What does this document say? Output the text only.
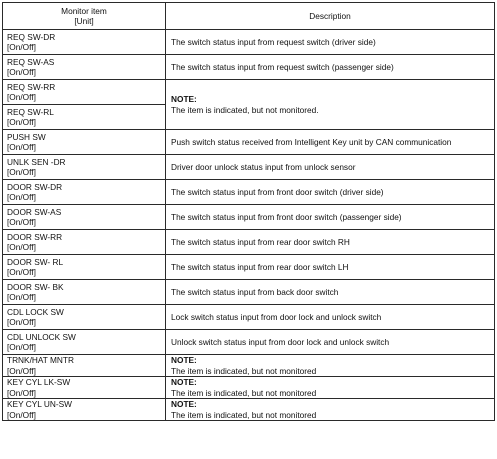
Monitor item
[Unit]	Description

REQ SW-DR
[On/Off]	The switch status input from request switch (driver side)

REQ SW-AS
[On/Off]	The switch status input from request switch (passenger side)

REQ SW-RR
[On/Off]	NOTE:
The item is indicated, but not monitored.

REQ SW-RL
[On/Off]	

PUSH SW
[On/Off]	Push switch status received from Intelligent Key unit by CAN communication

UNLK SEN -DR
[On/Off]	Driver door unlock status input from unlock sensor

DOOR SW-DR
[On/Off]	The switch status input from front door switch (driver side)

DOOR SW-AS
[On/Off]	The switch status input from front door switch (passenger side)

DOOR SW-RR
[On/Off]	The switch status input from rear door switch RH

DOOR SW- RL
[On/Off]	The switch status input from rear door switch LH

DOOR SW- BK
[On/Off]	The switch status input from back door switch

CDL LOCK SW
[On/Off]	Lock switch status input from door lock and unlock switch

CDL UNLOCK SW
[On/Off]	Unlock switch status input from door lock and unlock switch

TRNK/HAT MNTR
[On/Off]	NOTE:
The item is indicated, but not monitored

KEY CYL LK-SW
[On/Off]	NOTE:
The item is indicated, but not monitored

KEY CYL UN-SW
[On/Off]	NOTE:
The item is indicated, but not monitored
